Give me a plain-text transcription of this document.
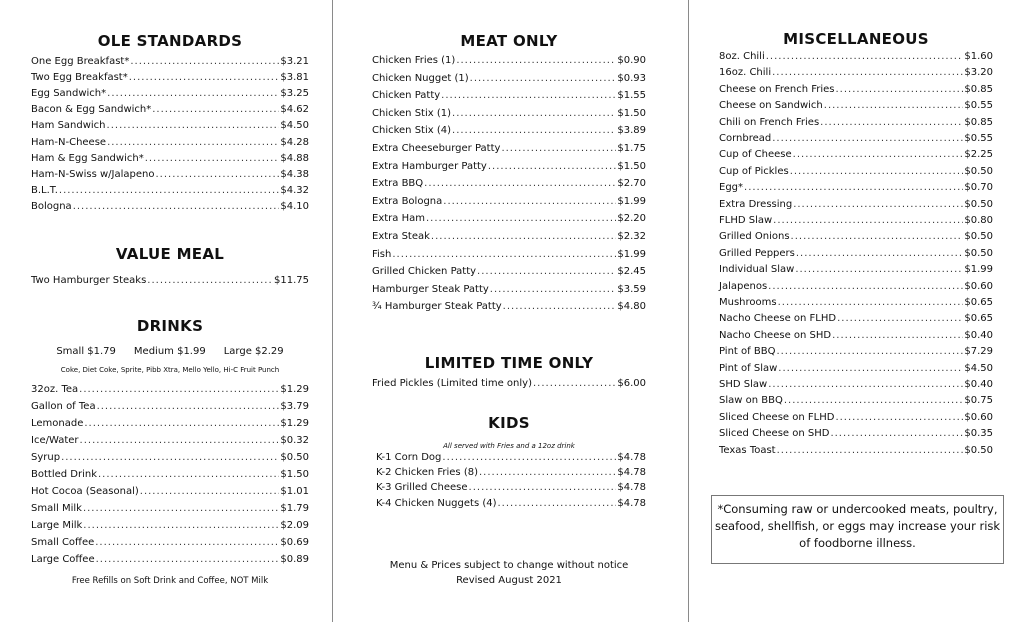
OLE STANDARDS
One Egg Breakfast* .....	$3.21
Two Egg Breakfast* .....	$3.81
Egg Sandwich* .....	$3.25
Bacon & Egg Sandwich* .....	$4.62
Ham Sandwich .....	$4.50
Ham-N-Cheese .....	$4.28
Ham & Egg Sandwich* .....	$4.88
Ham-N-Swiss w/Jalapeno .....	$4.38
B.L.T. .....	$4.32
Bologna .....	$4.10
VALUE MEAL
Two Hamburger Steaks .....	$11.75
DRINKS
Small $1.79 Medium $1.99 Large $2.29
Coke, Diet Coke, Sprite, Pibb Xtra, Mello Yello, Hi-C Fruit Punch
32oz. Tea .....	$1.29
Gallon of Tea .....	$3.79
Lemonade .....	$1.29
Ice/Water .....	$0.32
Syrup .....	$0.50
Bottled Drink .....	$1.50
Hot Cocoa (Seasonal) .....	$1.01
Small Milk .....	$1.79
Large Milk .....	$2.09
Small Coffee .....	$0.69
Large Coffee .....	$0.89
Free Refills on Soft Drink and Coffee, NOT Milk
MEAT ONLY
Chicken Fries (1) .....	$0.90
Chicken Nugget (1) .....	$0.93
Chicken Patty .....	$1.55
Chicken Stix (1) .....	$1.50
Chicken Stix (4) .....	$3.89
Extra Cheeseburger Patty .....	$1.75
Extra Hamburger Patty .....	$1.50
Extra BBQ .....	$2.70
Extra Bologna .....	$1.99
Extra Ham .....	$2.20
Extra Steak .....	$2.32
Fish .....	$1.99
Grilled Chicken Patty .....	$2.45
Hamburger Steak Patty .....	$3.59
¾ Hamburger Steak Patty .....	$4.80
LIMITED TIME ONLY
Fried Pickles (Limited time only) .....	$6.00
KIDS
All served with Fries and a 12oz drink
K-1 Corn Dog .....	$4.78
K-2 Chicken Fries (8) .....	$4.78
K-3 Grilled Cheese .....	$4.78
K-4 Chicken Nuggets (4) .....	$4.78
Menu & Prices subject to change without notice
Revised August 2021
MISCELLANEOUS
8oz. Chili .....	$1.60
16oz. Chili .....	$3.20
Cheese on French Fries .....	$0.85
Cheese on Sandwich .....	$0.55
Chili on French Fries .....	$0.85
Cornbread .....	$0.55
Cup of Cheese .....	$2.25
Cup of Pickles .....	$0.50
Egg* .....	$0.70
Extra Dressing .....	$0.50
FLHD Slaw .....	$0.80
Grilled Onions .....	$0.50
Grilled Peppers .....	$0.50
Individual Slaw .....	$1.99
Jalapenos .....	$0.60
Mushrooms .....	$0.65
Nacho Cheese on FLHD .....	$0.65
Nacho Cheese on SHD .....	$0.40
Pint of BBQ .....	$7.29
Pint of Slaw .....	$4.50
SHD Slaw .....	$0.40
Slaw on BBQ .....	$0.75
Sliced Cheese on FLHD .....	$0.60
Sliced Cheese on SHD .....	$0.35
Texas Toast .....	$0.50
*Consuming raw or undercooked meats, poultry, seafood, shellfish, or eggs may increase your risk of foodborne illness.
